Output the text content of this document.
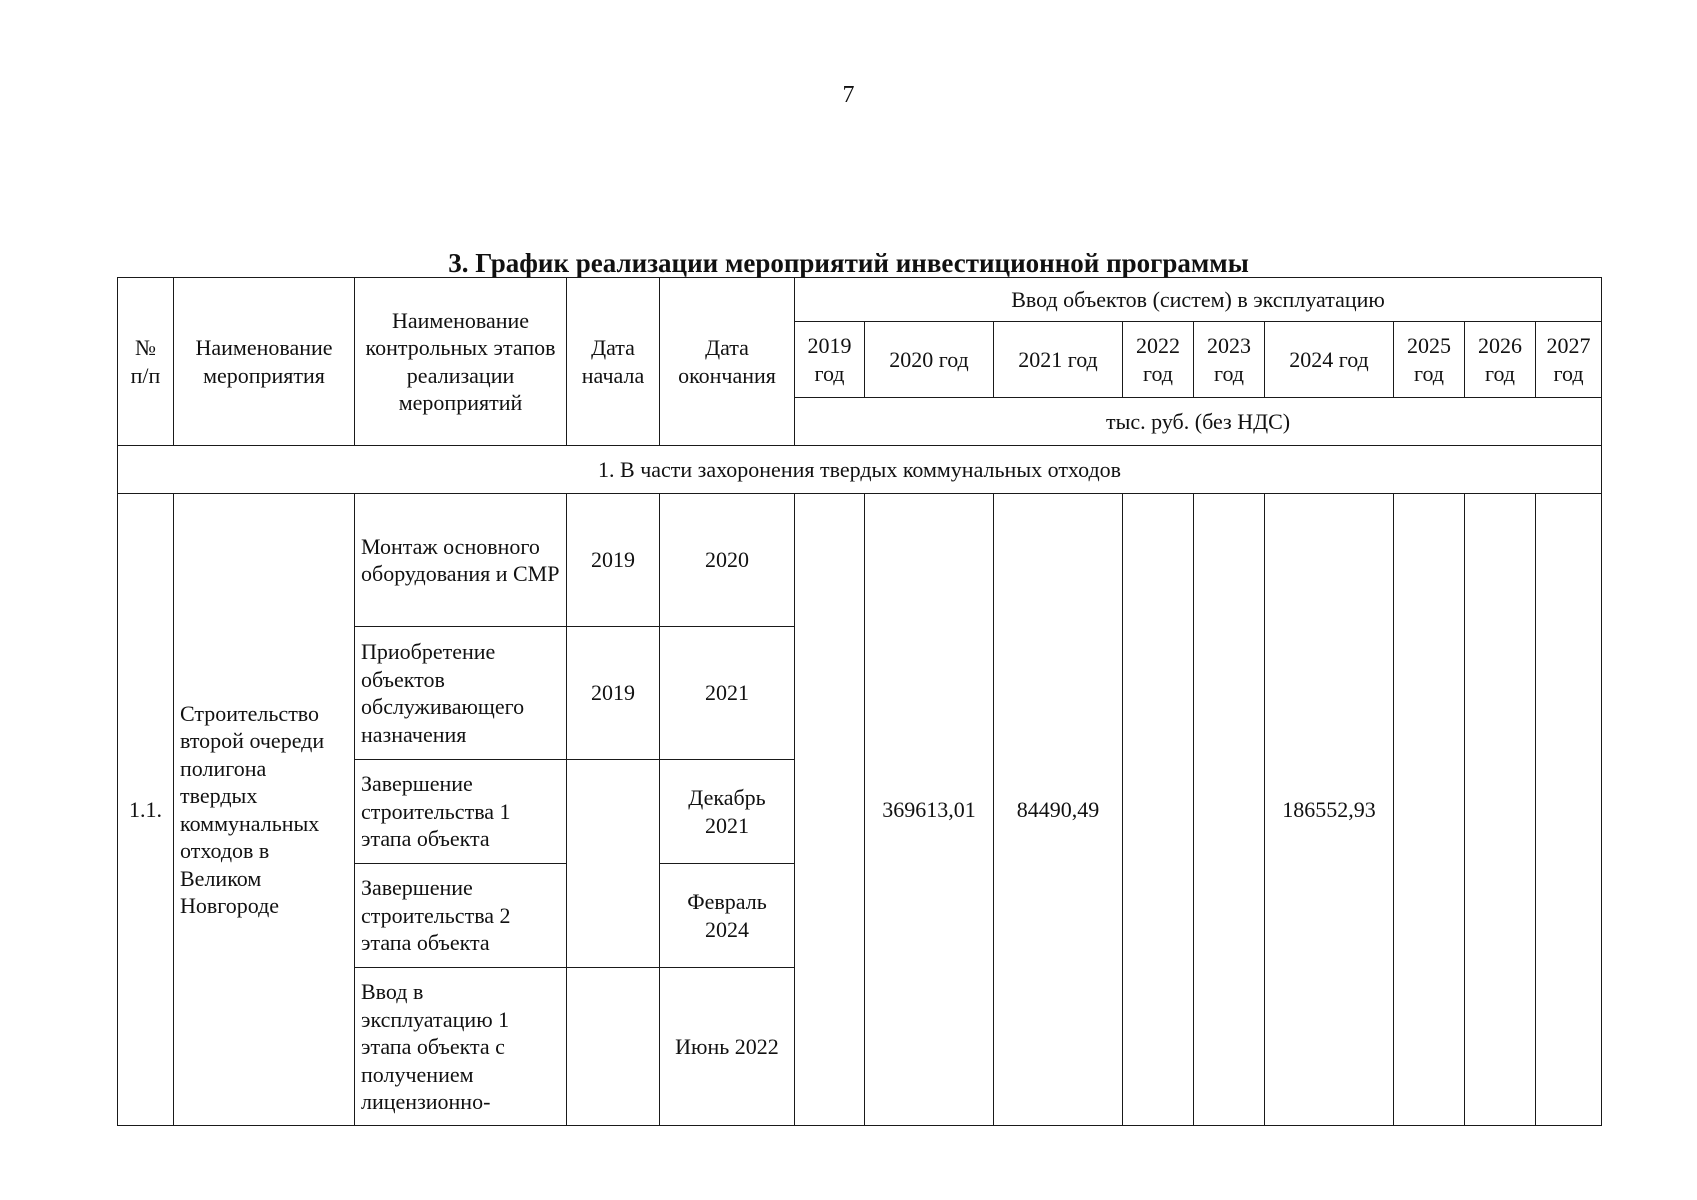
7
3. График реализации мероприятий инвестиционной программы
№ п/п	Наименование мероприятия	Наименование контрольных этапов реализации мероприятий	Дата начала	Дата окончания	Ввод объектов (систем) в эксплуатацию								
					2019 год	2020 год	2021 год	2022 год	2023 год	2024 год	2025 год	2026 год	2027 год
					тыс. руб. (без НДС)								
1. В части захоронения твердых коммунальных отходов													
1.1.	Строительство второй очереди полигона твердых коммунальных отходов в Великом Новгороде	Монтаж основного оборудования и СМР	2019	2020		369613,01	84490,49			186552,93			
		Приобретение объектов обслуживающего назначения	2019	2021									
		Завершение строительства 1 этапа объекта		Декабрь 2021									
		Завершение строительства 2 этапа объекта		Февраль 2024									
		Ввод в эксплуатацию 1 этапа объекта с получением лицензионно-		Июнь 2022									
